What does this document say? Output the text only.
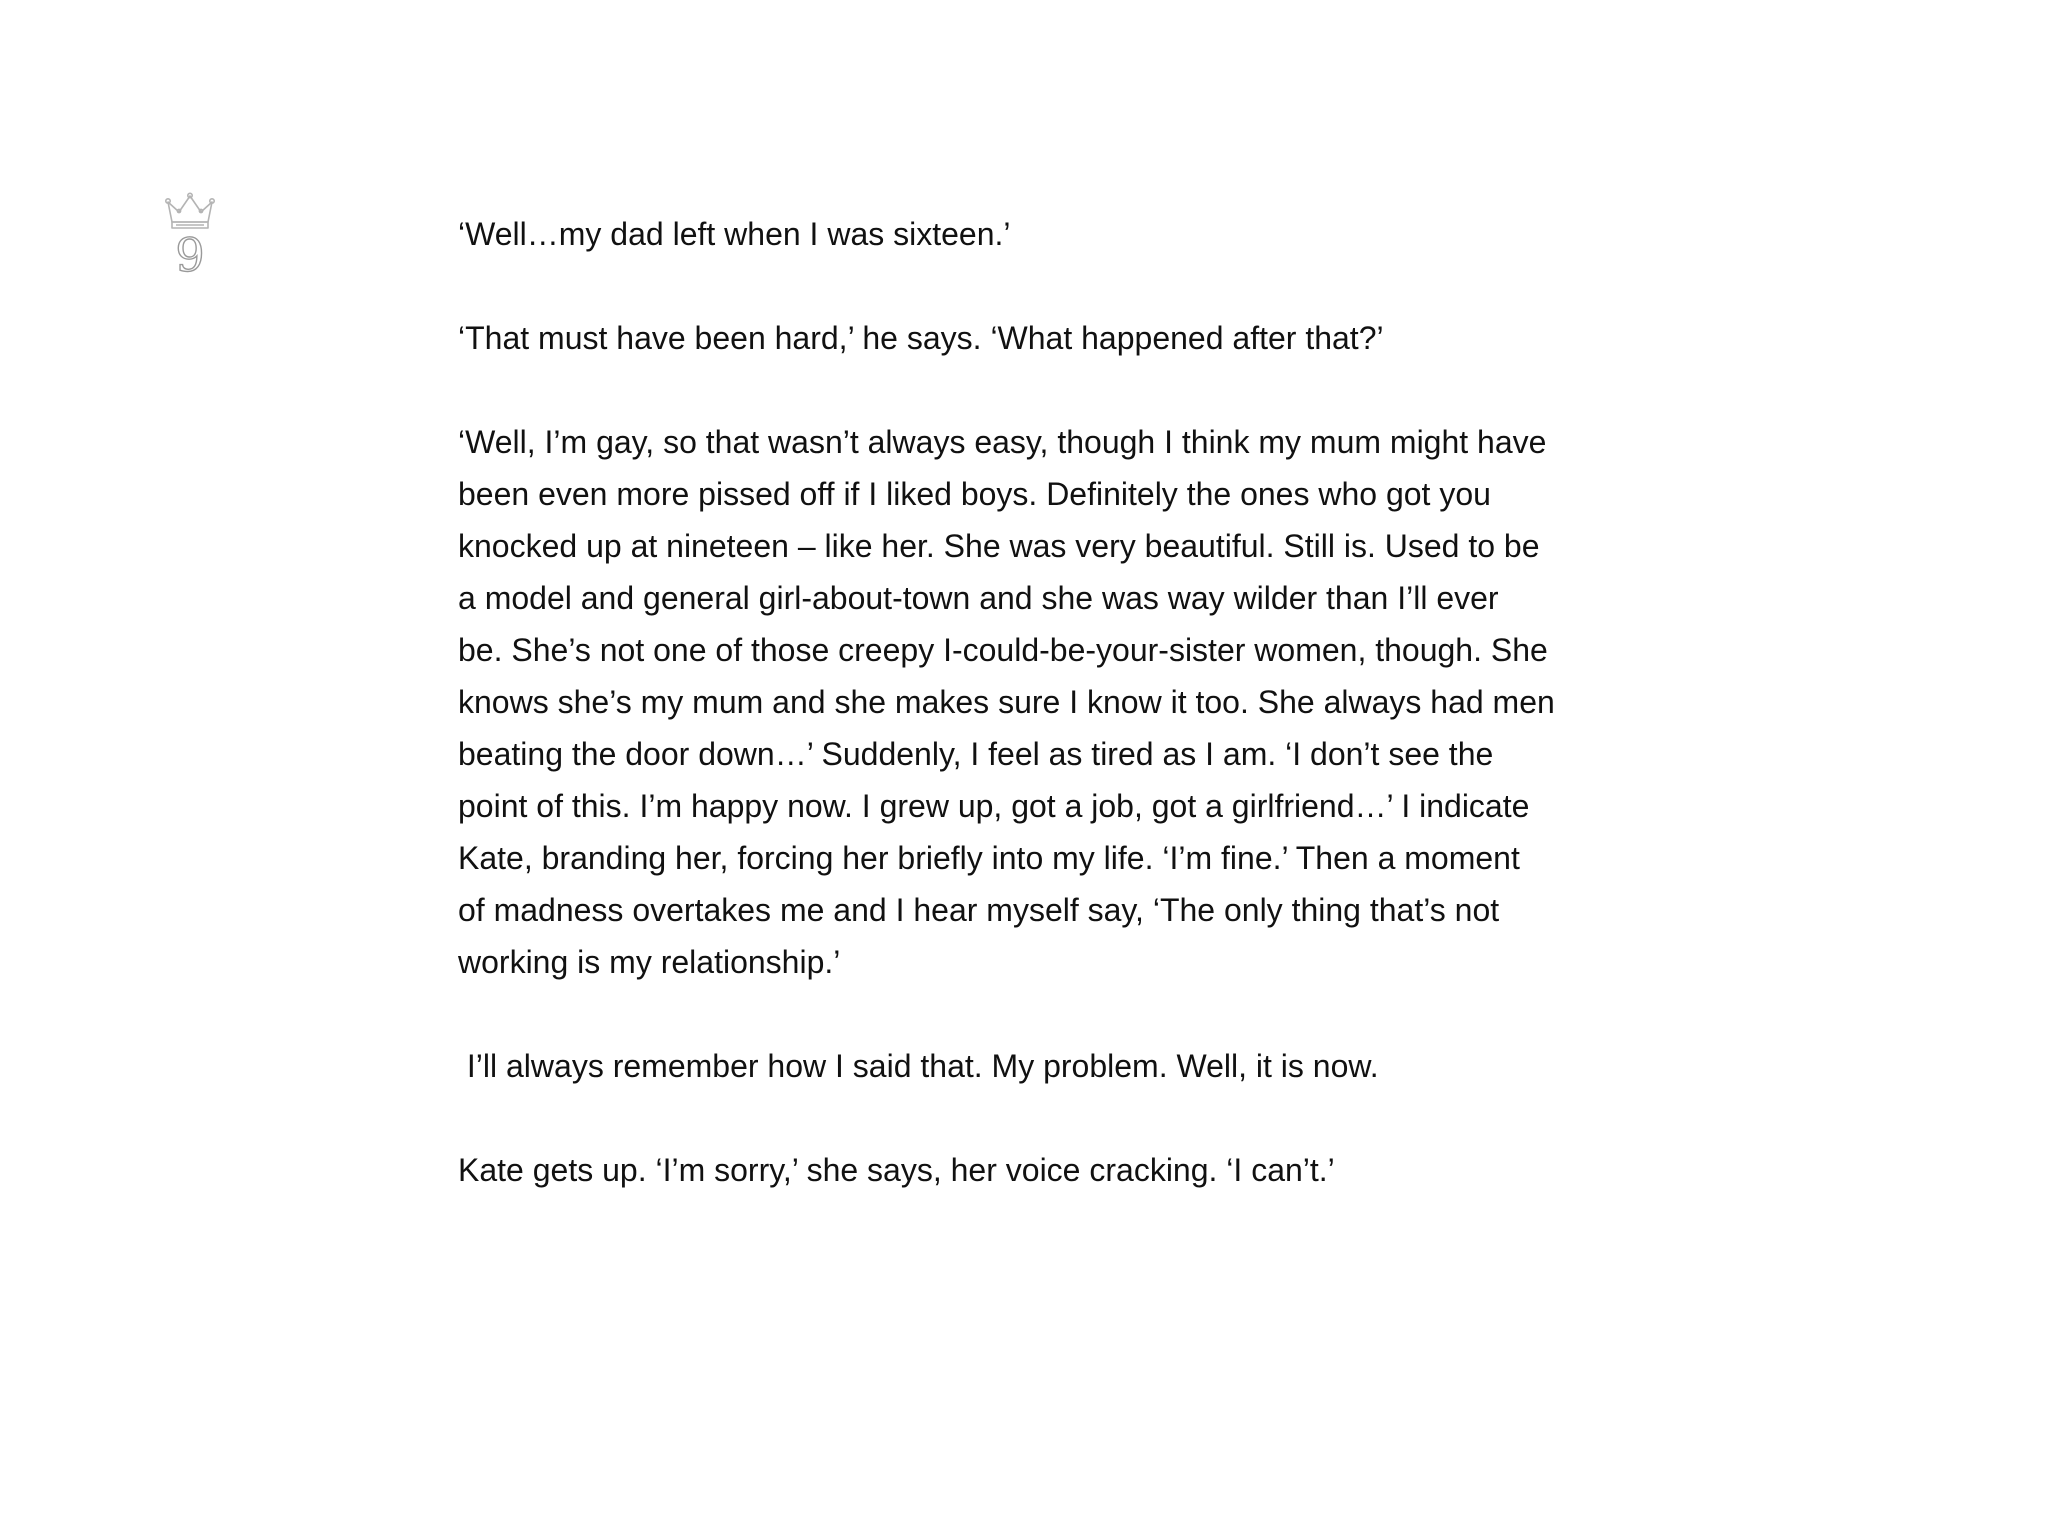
9	‘Well…my dad left when I was sixteen.’

‘That must have been hard,’ he says. ‘What happened after that?’

‘Well, I’m gay, so that wasn’t always easy, though I think my mum might have
been even more pissed off if I liked boys. Definitely the ones who got you
knocked up at nineteen – like her. She was very beautiful. Still is. Used to be
a model and general girl-about-town and she was way wilder than I’ll ever
be. She’s not one of those creepy I-could-be-your-sister women, though. She
knows she’s my mum and she makes sure I know it too. She always had men
beating the door down…’ Suddenly, I feel as tired as I am. ‘I don’t see the
point of this. I’m happy now. I grew up, got a job, got a girlfriend…’ I indicate
Kate, branding her, forcing her briefly into my life. ‘I’m fine.’ Then a moment
of madness overtakes me and I hear myself say, ‘The only thing that’s not
working is my relationship.’

I’ll always remember how I said that. My problem. Well, it is now.

Kate gets up. ‘I’m sorry,’ she says, her voice cracking. ‘I can’t.’
